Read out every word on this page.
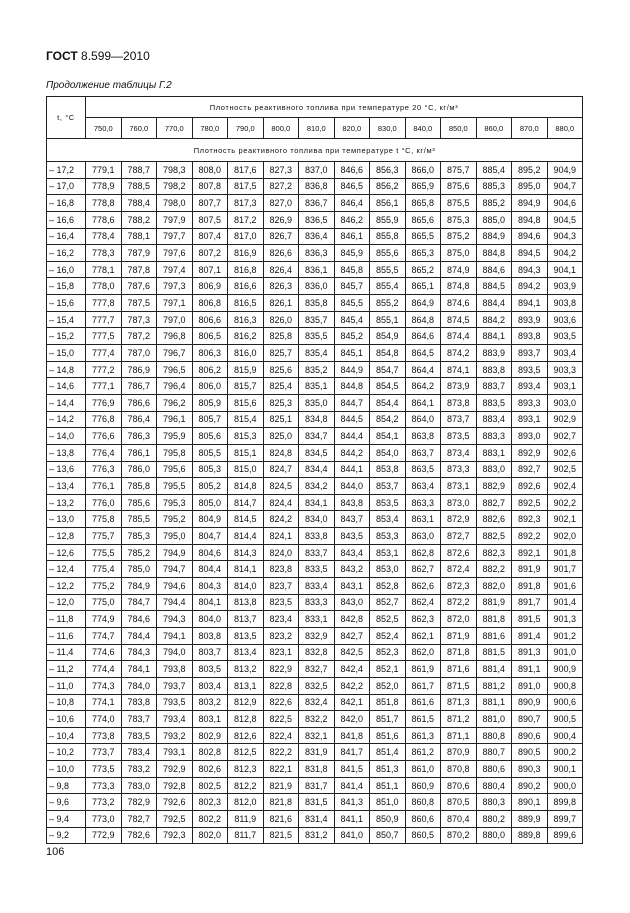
ГОСТ 8.599—2010
Продолжение таблицы Г.2
t, °С	Плотность реактивного топлива при температуре 20 °С, кг/м³													
	750,0	760,0	770,0	780,0	790,0	800,0	810,0	820,0	830,0	840,0	850,0	860,0	870,0	880,0
Плотность реактивного топлива при температуре t °С, кг/м³														
– 17,2	779,1	788,7	798,3	808,0	817,6	827,3	837,0	846,6	856,3	866,0	875,7	885,4	895,2	904,9
– 17,0	778,9	788,5	798,2	807,8	817,5	827,2	836,8	846,5	856,2	865,9	875,6	885,3	895,0	904,7
– 16,8	778,8	788,4	798,0	807,7	817,3	827,0	836,7	846,4	856,1	865,8	875,5	885,2	894,9	904,6
– 16,6	778,6	788,2	797,9	807,5	817,2	826,9	836,5	846,2	855,9	865,6	875,3	885,0	894,8	904,5
– 16,4	778,4	788,1	797,7	807,4	817,0	826,7	836,4	846,1	855,8	865,5	875,2	884,9	894,6	904,3
– 16,2	778,3	787,9	797,6	807,2	816,9	826,6	836,3	845,9	855,6	865,3	875,0	884,8	894,5	904,2
– 16,0	778,1	787,8	797,4	807,1	816,8	826,4	836,1	845,8	855,5	865,2	874,9	884,6	894,3	904,1
– 15,8	778,0	787,6	797,3	806,9	816,6	826,3	836,0	845,7	855,4	865,1	874,8	884,5	894,2	903,9
– 15,6	777,8	787,5	797,1	806,8	816,5	826,1	835,8	845,5	855,2	864,9	874,6	884,4	894,1	903,8
– 15,4	777,7	787,3	797,0	806,6	816,3	826,0	835,7	845,4	855,1	864,8	874,5	884,2	893,9	903,6
– 15,2	777,5	787,2	796,8	806,5	816,2	825,8	835,5	845,2	854,9	864,6	874,4	884,1	893,8	903,5
– 15,0	777,4	787,0	796,7	806,3	816,0	825,7	835,4	845,1	854,8	864,5	874,2	883,9	893,7	903,4
– 14,8	777,2	786,9	796,5	806,2	815,9	825,6	835,2	844,9	854,7	864,4	874,1	883,8	893,5	903,3
– 14,6	777,1	786,7	796,4	806,0	815,7	825,4	835,1	844,8	854,5	864,2	873,9	883,7	893,4	903,1
– 14,4	776,9	786,6	796,2	805,9	815,6	825,3	835,0	844,7	854,4	864,1	873,8	883,5	893,3	903,0
– 14,2	776,8	786,4	796,1	805,7	815,4	825,1	834,8	844,5	854,2	864,0	873,7	883,4	893,1	902,9
– 14,0	776,6	786,3	795,9	805,6	815,3	825,0	834,7	844,4	854,1	863,8	873,5	883,3	893,0	902,7
– 13,8	776,4	786,1	795,8	805,5	815,1	824,8	834,5	844,2	854,0	863,7	873,4	883,1	892,9	902,6
– 13,6	776,3	786,0	795,6	805,3	815,0	824,7	834,4	844,1	853,8	863,5	873,3	883,0	892,7	902,5
– 13,4	776,1	785,8	795,5	805,2	814,8	824,5	834,2	844,0	853,7	863,4	873,1	882,9	892,6	902,4
– 13,2	776,0	785,6	795,3	805,0	814,7	824,4	834,1	843,8	853,5	863,3	873,0	882,7	892,5	902,2
– 13,0	775,8	785,5	795,2	804,9	814,5	824,2	834,0	843,7	853,4	863,1	872,9	882,6	892,3	902,1
– 12,8	775,7	785,3	795,0	804,7	814,4	824,1	833,8	843,5	853,3	863,0	872,7	882,5	892,2	902,0
– 12,6	775,5	785,2	794,9	804,6	814,3	824,0	833,7	843,4	853,1	862,8	872,6	882,3	892,1	901,8
– 12,4	775,4	785,0	794,7	804,4	814,1	823,8	833,5	843,2	853,0	862,7	872,4	882,2	891,9	901,7
– 12,2	775,2	784,9	794,6	804,3	814,0	823,7	833,4	843,1	852,8	862,6	872,3	882,0	891,8	901,6
– 12,0	775,0	784,7	794,4	804,1	813,8	823,5	833,3	843,0	852,7	862,4	872,2	881,9	891,7	901,4
– 11,8	774,9	784,6	794,3	804,0	813,7	823,4	833,1	842,8	852,5	862,3	872,0	881,8	891,5	901,3
– 11,6	774,7	784,4	794,1	803,8	813,5	823,2	832,9	842,7	852,4	862,1	871,9	881,6	891,4	901,2
– 11,4	774,6	784,3	794,0	803,7	813,4	823,1	832,8	842,5	852,3	862,0	871,8	881,5	891,3	901,0
– 11,2	774,4	784,1	793,8	803,5	813,2	822,9	832,7	842,4	852,1	861,9	871,6	881,4	891,1	900,9
– 11,0	774,3	784,0	793,7	803,4	813,1	822,8	832,5	842,2	852,0	861,7	871,5	881,2	891,0	900,8
– 10,8	774,1	783,8	793,5	803,2	812,9	822,6	832,4	842,1	851,8	861,6	871,3	881,1	890,9	900,6
– 10,6	774,0	783,7	793,4	803,1	812,8	822,5	832,2	842,0	851,7	861,5	871,2	881,0	890,7	900,5
– 10,4	773,8	783,5	793,2	802,9	812,6	822,4	832,1	841,8	851,6	861,3	871,1	880,8	890,6	900,4
– 10,2	773,7	783,4	793,1	802,8	812,5	822,2	831,9	841,7	851,4	861,2	870,9	880,7	890,5	900,2
– 10,0	773,5	783,2	792,9	802,6	812,3	822,1	831,8	841,5	851,3	861,0	870,8	880,6	890,3	900,1
– 9,8	773,3	783,0	792,8	802,5	812,2	821,9	831,7	841,4	851,1	860,9	870,6	880,4	890,2	900,0
– 9,6	773,2	782,9	792,6	802,3	812,0	821,8	831,5	841,3	851,0	860,8	870,5	880,3	890,1	899,8
– 9,4	773,0	782,7	792,5	802,2	811,9	821,6	831,4	841,1	850,9	860,6	870,4	880,2	889,9	899,7
– 9,2	772,9	782,6	792,3	802,0	811,7	821,5	831,2	841,0	850,7	860,5	870,2	880,0	889,8	899,6
106
